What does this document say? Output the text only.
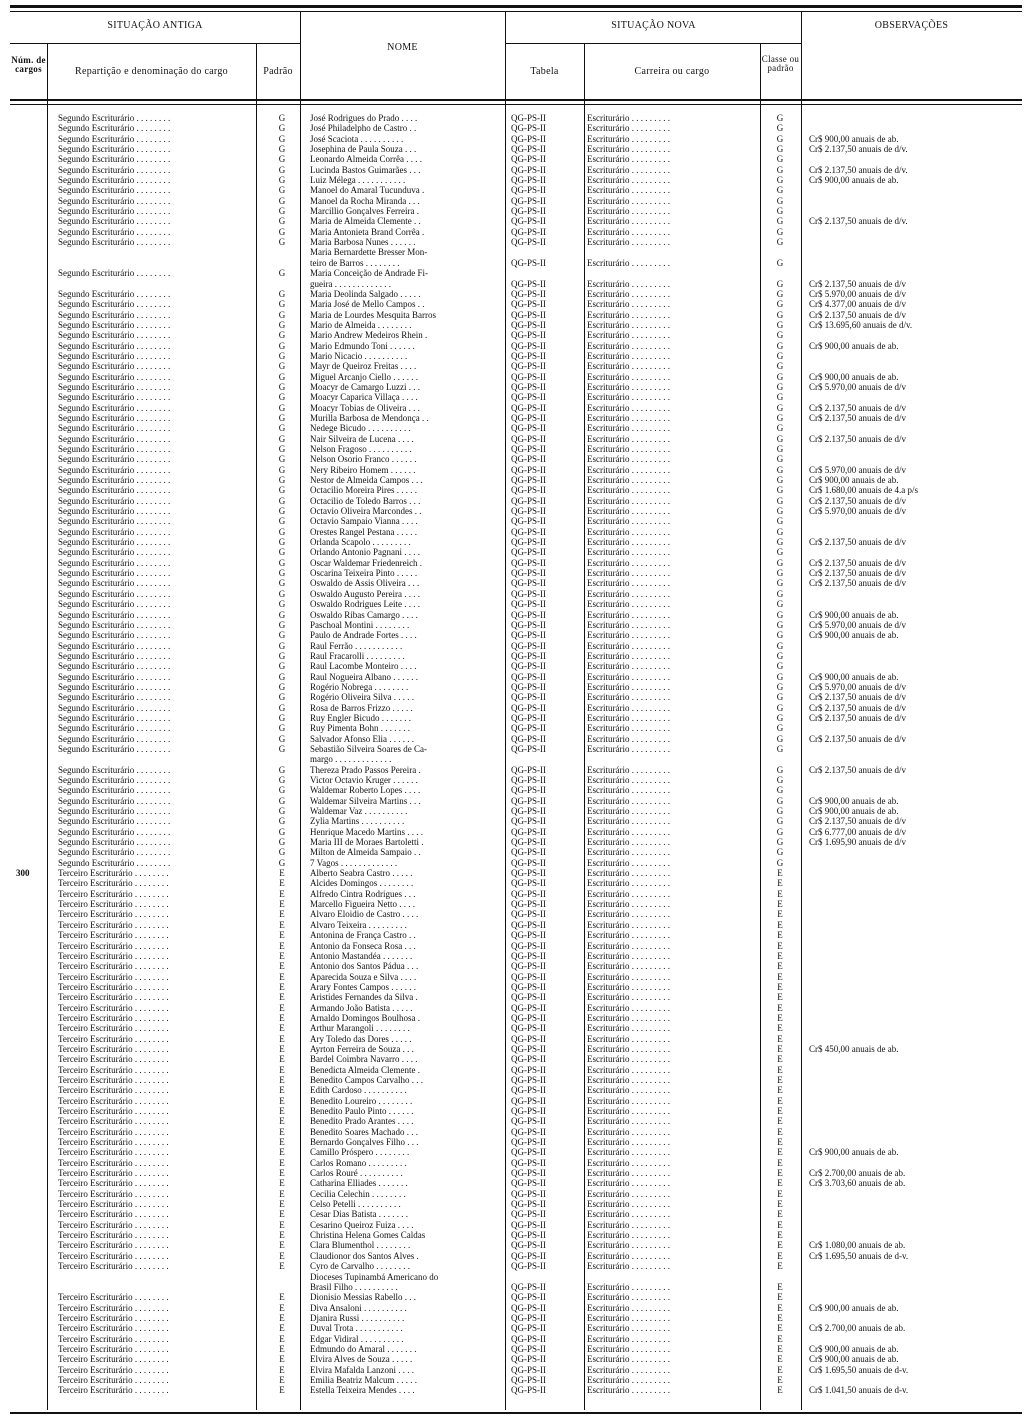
SITUAÇÃO ANTIGA
NOME
SITUAÇÃO NOVA	OBSERVAÇÕES
Núm. de cargos	Repartição e denominação do cargo	Padrão	Tabela	Carreira ou cargo
Classe ou padrão
Segundo Escriturário . . . . . . . .	G	José Rodrigues do Prado . . . .	QG-PS-II	Escriturário . . . . . . . . .	G
Segundo Escriturário . . . . . . . .	G	José Philadelpho de Castro . .	QG-PS-II	Escriturário . . . . . . . . .	G
Segundo Escriturário . . . . . . . .	G	José Scaciota . . . . . . . . . .	QG-PS-II	Escriturário . . . . . . . . .	G	Cr$ 900,00 anuais de ab.
Segundo Escriturário . . . . . . . .	G	Josephina de Paula Souza . . .	QG-PS-II	Escriturário . . . . . . . . .	G	Cr$ 2.137,50 anuais de d/v.
Segundo Escriturário . . . . . . . .	G	Leonardo Almeida Corrêa . . . .	QG-PS-II	Escriturário . . . . . . . . .	G
Segundo Escriturário . . . . . . . .	G	Lucinda Bastos Guimarães . . .	QG-PS-II	Escriturário . . . . . . . . .	G	Cr$ 2.137,50 anuais de d/v.
Segundo Escriturário . . . . . . . .	G	Luiz Mélega . . . . . . . . . . .	QG-PS-II	Escriturário . . . . . . . . .	G	Cr$ 900,00 anuais de ab.
Segundo Escriturário . . . . . . . .	G	Manoel do Amaral Tucunduva .	QG-PS-II	Escriturário . . . . . . . . .	G
Segundo Escriturário . . . . . . . .	G	Manoel da Rocha Miranda . . .	QG-PS-II	Escriturário . . . . . . . . .	G
Segundo Escriturário . . . . . . . .	G	Marcillio Gonçalves Ferreira .	QG-PS-II	Escriturário . . . . . . . . .	G
Segundo Escriturário . . . . . . . .	G	Maria de Almeida Clemente . .	QG-PS-II	Escriturário . . . . . . . . .	G	Cr$ 2.137,50 anuais de d/v.
Segundo Escriturário . . . . . . . .	G	Maria Antonieta Brand Corrêa .	QG-PS-II	Escriturário . . . . . . . . .	G
Segundo Escriturário . . . . . . . .	G	Maria Barbosa Nunes . . . . . .	QG-PS-II	Escriturário . . . . . . . . .	G
Maria Bernardette Bresser Mon-
teiro de Barros . . . . . . . .	QG-PS-II	Escriturário . . . . . . . . .	G
Segundo Escriturário . . . . . . . .	G	Maria Conceição de Andrade Fi-
gueira . . . . . . . . . . . . .	QG-PS-II	Escriturário . . . . . . . . .	G	Cr$ 2.137,50 anuais de d/v
Segundo Escriturário . . . . . . . .	G	Maria Deolinda Salgado . . . . .	QG-PS-II	Escriturário . . . . . . . . .	G	Cr$ 5.970,00 anuais de d/v
Segundo Escriturário . . . . . . . .	G	Maria José de Mello Campos . .	QG-PS-II	Escriturário . . . . . . . . .	G	Cr$ 4.377,00 anuais de d/v
Segundo Escriturário . . . . . . . .	G	Maria de Lourdes Mesquita Barros	QG-PS-II	Escriturário . . . . . . . . .	G	Cr$ 2.137,50 anuais de d/v
Segundo Escriturário . . . . . . . .	G	Mario de Almeida . . . . . . . .	QG-PS-II	Escriturário . . . . . . . . .	G	Cr$ 13.695,60 anuais de d/v.
Segundo Escriturário . . . . . . . .	G	Mario Andrew Medeiros Rhein .	QG-PS-II	Escriturário . . . . . . . . .	G
Segundo Escriturário . . . . . . . .	G	Mario Edmundo Toni . . . . . .	QG-PS-II	Escriturário . . . . . . . . .	G	Cr$ 900,00 anuais de ab.
Segundo Escriturário . . . . . . . .	G	Mario Nicacio . . . . . . . . . .	QG-PS-II	Escriturário . . . . . . . . .	G
Segundo Escriturário . . . . . . . .	G	Mayr de Queiroz Freitas . . . .	QG-PS-II	Escriturário . . . . . . . . .	G
Segundo Escriturário . . . . . . . .	G	Miguel Arcanjo Ciello . . . . . .	QG-PS-II	Escriturário . . . . . . . . .	G	Cr$ 900,00 anuais de ab.
Segundo Escriturário . . . . . . . .	G	Moacyr de Camargo Luzzi . . .	QG-PS-II	Escriturário . . . . . . . . .	G	Cr$ 5.970,00 anuais de d/v
Segundo Escriturário . . . . . . . .	G	Moacyr Caparica Villaça . . . .	QG-PS-II	Escriturário . . . . . . . . .	G
Segundo Escriturário . . . . . . . .	G	Moacyr Tobias de Oliveira . . .	QG-PS-II	Escriturário . . . . . . . . .	G	Cr$ 2.137,50 anuais de d/v
Segundo Escriturário . . . . . . . .	G	Murilla Barbosa de Mendonça . .	QG-PS-II	Escriturário . . . . . . . . .	G	Cr$ 2.137,50 anuais de d/v
Segundo Escriturário . . . . . . . .	G	Nedege Bicudo . . . . . . . . . .	QG-PS-II	Escriturário . . . . . . . . .	G
Segundo Escriturário . . . . . . . .	G	Nair Silveira de Lucena . . . .	QG-PS-II	Escriturário . . . . . . . . .	G	Cr$ 2.137,50 anuais de d/v
Segundo Escriturário . . . . . . . .	G	Nelson Fragoso . . . . . . . . . .	QG-PS-II	Escriturário . . . . . . . . .	G
Segundo Escriturário . . . . . . . .	G	Nelson Osorio Franco . . . . . .	QG-PS-II	Escriturário . . . . . . . . .	G
Segundo Escriturário . . . . . . . .	G	Nery Ribeiro Homem . . . . . .	QG-PS-II	Escriturário . . . . . . . . .	G	Cr$ 5.970,00 anuais de d/v
Segundo Escriturário . . . . . . . .	G	Nestor de Almeida Campos . . .	QG-PS-II	Escriturário . . . . . . . . .	G	Cr$ 900,00 anuais de ab.
Segundo Escriturário . . . . . . . .	G	Octacilio Moreira Pires . . . . .	QG-PS-II	Escriturário . . . . . . . . .	G	Cr$ 1.680,00 anuais de 4.a p/s
Segundo Escriturário . . . . . . . .	G	Octacilio de Toledo Barros . . .	QG-PS-II	Escriturário . . . . . . . . .	G	Cr$ 2.137,50 anuais de d/v
Segundo Escriturário . . . . . . . .	G	Octavio Oliveira Marcondes . .	QG-PS-II	Escriturário . . . . . . . . .	G	Cr$ 5.970,00 anuais de d/v
Segundo Escriturário . . . . . . . .	G	Octavio Sampaio Vianna . . . .	QG-PS-II	Escriturário . . . . . . . . .	G
Segundo Escriturário . . . . . . . .	G	Orestes Rangel Pestana . . . . .	QG-PS-II	Escriturário . . . . . . . . .	G
Segundo Escriturário . . . . . . . .	G	Orlanda Scapolo . . . . . . . . .	QG-PS-II	Escriturário . . . . . . . . .	G	Cr$ 2.137,50 anuais de d/v
Segundo Escriturário . . . . . . . .	G	Orlando Antonio Pagnani . . . .	QG-PS-II	Escriturário . . . . . . . . .	G
Segundo Escriturário . . . . . . . .	G	Oscar Waldemar Friedenreich .	QG-PS-II	Escriturário . . . . . . . . .	G	Cr$ 2.137,50 anuais de d/v
Segundo Escriturário . . . . . . . .	G	Oscarina Teixeira Pinto . . . . .	QG-PS-II	Escriturário . . . . . . . . .	G	Cr$ 2.137,50 anuais de d/v
Segundo Escriturário . . . . . . . .	G	Oswaldo de Assis Oliveira . . .	QG-PS-II	Escriturário . . . . . . . . .	G	Cr$ 2.137,50 anuais de d/v
Segundo Escriturário . . . . . . . .	G	Oswaldo Augusto Pereira . . . .	QG-PS-II	Escriturário . . . . . . . . .	G
Segundo Escriturário . . . . . . . .	G	Oswaldo Rodrigues Leite . . . .	QG-PS-II	Escriturário . . . . . . . . .	G
Segundo Escriturário . . . . . . . .	G	Oswaldo Ribas Camargo . . . .	QG-PS-II	Escriturário . . . . . . . . .	G	Cr$ 900,00 anuais de ab.
Segundo Escriturário . . . . . . . .	G	Paschoal Montini . . . . . . . .	QG-PS-II	Escriturário . . . . . . . . .	G	Cr$ 5.970,00 anuais de d/v
Segundo Escriturário . . . . . . . .	G	Paulo de Andrade Fortes . . . .	QG-PS-II	Escriturário . . . . . . . . .	G	Cr$ 900,00 anuais de ab.
Segundo Escriturário . . . . . . . .	G	Raul Ferrão . . . . . . . . . . .	QG-PS-II	Escriturário . . . . . . . . .	G
Segundo Escriturário . . . . . . . .	G	Raul Fracarolli . . . . . . . . .	QG-PS-II	Escriturário . . . . . . . . .	G
Segundo Escriturário . . . . . . . .	G	Raul Lacombe Monteiro . . . .	QG-PS-II	Escriturário . . . . . . . . .	G
Segundo Escriturário . . . . . . . .	G	Raul Nogueira Albano . . . . . .	QG-PS-II	Escriturário . . . . . . . . .	G	Cr$ 900,00 anuais de ab.
Segundo Escriturário . . . . . . . .	G	Rogério Nobrega . . . . . . . .	QG-PS-II	Escriturário . . . . . . . . .	G	Cr$ 5.970,00 anuais de d/v
Segundo Escriturário . . . . . . . .	G	Rogério Oliveira Silva . . . . .	QG-PS-II	Escriturário . . . . . . . . .	G	Cr$ 2.137,50 anuais de d/v
Segundo Escriturário . . . . . . . .	G	Rosa de Barros Frizzo . . . . .	QG-PS-II	Escriturário . . . . . . . . .	G	Cr$ 2.137,50 anuais de d/v
Segundo Escriturário . . . . . . . .	G	Ruy Engler Bicudo . . . . . . .	QG-PS-II	Escriturário . . . . . . . . .	G	Cr$ 2.137,50 anuais de d/v
Segundo Escriturário . . . . . . . .	G	Ruy Pimenta Bohn . . . . . . .	QG-PS-II	Escriturário . . . . . . . . .	G
Segundo Escriturário . . . . . . . .	G	Salvador Afonso Elia . . . . . .	QG-PS-II	Escriturário . . . . . . . . .	G	Cr$ 2.137,50 anuais de d/v
Segundo Escriturário . . . . . . . .	G	Sebastião Silveira Soares de Ca-	QG-PS-II	Escriturário . . . . . . . . .	G
margo . . . . . . . . . . . . .
Segundo Escriturário . . . . . . . .	G	Thereza Prado Passos Pereira .	QG-PS-II	Escriturário . . . . . . . . .	G	Cr$ 2.137,50 anuais de d/v
Segundo Escriturário . . . . . . . .	G	Victor Octavio Kruger . . . . . .	QG-PS-II	Escriturário . . . . . . . . .	G
Segundo Escriturário . . . . . . . .	G	Waldemar Roberto Lopes . . . .	QG-PS-II	Escriturário . . . . . . . . .	G
Segundo Escriturário . . . . . . . .	G	Waldemar Silveira Martins . . .	QG-PS-II	Escriturário . . . . . . . . .	G	Cr$ 900,00 anuais de ab.
Segundo Escriturário . . . . . . . .	G	Waldemar Vaz . . . . . . . . . .	QG-PS-II	Escriturário . . . . . . . . .	G	Cr$ 900,00 anuais de ab.
Segundo Escriturário . . . . . . . .	G	Zylia Martins . . . . . . . . . .	QG-PS-II	Escriturário . . . . . . . . .	G	Cr$ 2.137,50 anuais de d/v
Segundo Escriturário . . . . . . . .	G	Henrique Macedo Martins . . . .	QG-PS-II	Escriturário . . . . . . . . .	G	Cr$ 6.777,00 anuais de d/v
Segundo Escriturário . . . . . . . .	G	Maria III de Moraes Bartoletti .	QG-PS-II	Escriturário . . . . . . . . .	G	Cr$ 1.695,90 anuais de d/v
Segundo Escriturário . . . . . . . .	G	Milton de Almeida Sampaio . .	QG-PS-II	Escriturário . . . . . . . . .	G
Segundo Escriturário . . . . . . . .	G	7 Vagos . . . . . . . . . . . . .	QG-PS-II	Escriturário . . . . . . . . .	G
300	Terceiro Escriturário . . . . . . . .	E	Alberto Seabra Castro . . . . .	QG-PS-II	Escriturário . . . . . . . . .	E
Terceiro Escriturário . . . . . . . .	E	Alcides Domingos . . . . . . . .	QG-PS-II	Escriturário . . . . . . . . .	E
Terceiro Escriturário . . . . . . . .	E	Alfredo Cintra Rodrigues . . .	QG-PS-II	Escriturário . . . . . . . . .	E
Terceiro Escriturário . . . . . . . .	E	Marcello Figueira Netto . . . .	QG-PS-II	Escriturário . . . . . . . . .	E
Terceiro Escriturário . . . . . . . .	E	Alvaro Eloidio de Castro . . . .	QG-PS-II	Escriturário . . . . . . . . .	E
Terceiro Escriturário . . . . . . . .	E	Alvaro Teixeira . . . . . . . . .	QG-PS-II	Escriturário . . . . . . . . .	E
Terceiro Escriturário . . . . . . . .	E	Antonina de França Castro . .	QG-PS-II	Escriturário . . . . . . . . .	E
Terceiro Escriturário . . . . . . . .	E	Antonio da Fonseca Rosa . . .	QG-PS-II	Escriturário . . . . . . . . .	E
Terceiro Escriturário . . . . . . . .	E	Antonio Mastandéa . . . . . . .	QG-PS-II	Escriturário . . . . . . . . .	E
Terceiro Escriturário . . . . . . . .	E	Antonio dos Santos Pádua . . .	QG-PS-II	Escriturário . . . . . . . . .	E
Terceiro Escriturário . . . . . . . .	E	Aparecida Souza e Silva . . . .	QG-PS-II	Escriturário . . . . . . . . .	E
Terceiro Escriturário . . . . . . . .	E	Arary Fontes Campos . . . . . .	QG-PS-II	Escriturário . . . . . . . . .	E
Terceiro Escriturário . . . . . . . .	E	Aristides Fernandes da Silva .	QG-PS-II	Escriturário . . . . . . . . .	E
Terceiro Escriturário . . . . . . . .	E	Armando João Batista . . . . .	QG-PS-II	Escriturário . . . . . . . . .	E
Terceiro Escriturário . . . . . . . .	E	Arnaldo Domingos Boulhosa .	QG-PS-II	Escriturário . . . . . . . . .	E
Terceiro Escriturário . . . . . . . .	E	Arthur Marangoli . . . . . . . .	QG-PS-II	Escriturário . . . . . . . . .	E
Terceiro Escriturário . . . . . . . .	E	Ary Toledo das Dores . . . . .	QG-PS-II	Escriturário . . . . . . . . .	E
Terceiro Escriturário . . . . . . . .	E	Ayrton Ferreira de Souza . . .	QG-PS-II	Escriturário . . . . . . . . .	E	Cr$ 450,00 anuais de ab.
Terceiro Escriturário . . . . . . . .	E	Bardel Coimbra Navarro . . . .	QG-PS-II	Escriturário . . . . . . . . .	E
Terceiro Escriturário . . . . . . . .	E	Benedicta Almeida Clemente .	QG-PS-II	Escriturário . . . . . . . . .	E
Terceiro Escriturário . . . . . . . .	E	Benedito Campos Carvalho . . .	QG-PS-II	Escriturário . . . . . . . . .	E
Terceiro Escriturário . . . . . . . .	E	Edith Cardoso . . . . . . . . . .	QG-PS-II	Escriturário . . . . . . . . .	E
Terceiro Escriturário . . . . . . . .	E	Benedito Loureiro . . . . . . . .	QG-PS-II	Escriturário . . . . . . . . .	E
Terceiro Escriturário . . . . . . . .	E	Benedito Paulo Pinto . . . . . .	QG-PS-II	Escriturário . . . . . . . . .	E
Terceiro Escriturário . . . . . . . .	E	Benedito Prado Arantes . . . .	QG-PS-II	Escriturário . . . . . . . . .	E
Terceiro Escriturário . . . . . . . .	E	Benedito Soares Machado . . .	QG-PS-II	Escriturário . . . . . . . . .	E
Terceiro Escriturário . . . . . . . .	E	Bernardo Gonçalves Filho . . .	QG-PS-II	Escriturário . . . . . . . . .	E
Terceiro Escriturário . . . . . . . .	E	Camillo Próspero . . . . . . . .	QG-PS-II	Escriturário . . . . . . . . .	E	Cr$ 900,00 anuais de ab.
Terceiro Escriturário . . . . . . . .	E	Carlos Romano . . . . . . . . .	QG-PS-II	Escriturário . . . . . . . . .	E
Terceiro Escriturário . . . . . . . .	E	Carlos Rouré . . . . . . . . . .	QG-PS-II	Escriturário . . . . . . . . .	E	Cr$ 2.700,00 anuais de ab.
Terceiro Escriturário . . . . . . . .	E	Catharina Elliades . . . . . . .	QG-PS-II	Escriturário . . . . . . . . .	E	Cr$ 3.703,60 anuais de ab.
Terceiro Escriturário . . . . . . . .	E	Cecilia Celechin . . . . . . . .	QG-PS-II	Escriturário . . . . . . . . .	E
Terceiro Escriturário . . . . . . . .	E	Celso Petelli . . . . . . . . . .	QG-PS-II	Escriturário . . . . . . . . .	E
Terceiro Escriturário . . . . . . . .	E	Cesar Dias Batista . . . . . . .	QG-PS-II	Escriturário . . . . . . . . .	E
Terceiro Escriturário . . . . . . . .	E	Cesarino Queiroz Fuiza . . . .	QG-PS-II	Escriturário . . . . . . . . .	E
Terceiro Escriturário . . . . . . . .	E	Christina Helena Gomes Caldas	QG-PS-II	Escriturário . . . . . . . . .	E
Terceiro Escriturário . . . . . . . .	E	Clara Blumenthol . . . . . . . .	QG-PS-II	Escriturário . . . . . . . . .	E	Cr$ 1.080,00 anuais de ab.
Terceiro Escriturário . . . . . . . .	E	Claudionor dos Santos Alves .	QG-PS-II	Escriturário . . . . . . . . .	E	Cr$ 1.695,50 anuais de d-v.
Terceiro Escriturário . . . . . . . .	E	Cyro de Carvalho . . . . . . . .	QG-PS-II	Escriturário . . . . . . . . .	E
Dioceses Tupinambá Americano do
Brasil Filho . . . . . . . . . .	QG-PS-II	Escriturário . . . . . . . . .	E
Terceiro Escriturário . . . . . . . .	E	Dionisio Messias Rabello . . .	QG-PS-II	Escriturário . . . . . . . . .	E
Terceiro Escriturário . . . . . . . .	E	Diva Ansaloni . . . . . . . . . .	QG-PS-II	Escriturário . . . . . . . . .	E	Cr$ 900,00 anuais de ab.
Terceiro Escriturário . . . . . . . .	E	Djanira Russi . . . . . . . . . .	QG-PS-II	Escriturário . . . . . . . . .	E
Terceiro Escriturário . . . . . . . .	E	Duval Trota . . . . . . . . . . .	QG-PS-II	Escriturário . . . . . . . . .	E	Cr$ 2.700,00 anuais de ab.
Terceiro Escriturário . . . . . . . .	E	Edgar Vidiral . . . . . . . . . .	QG-PS-II	Escriturário . . . . . . . . .	E
Terceiro Escriturário . . . . . . . .	E	Edmundo do Amaral . . . . . . .	QG-PS-II	Escriturário . . . . . . . . .	E	Cr$ 900,00 anuais de ab.
Terceiro Escriturário . . . . . . . .	E	Elvira Alves de Souza . . . . .	QG-PS-II	Escriturário . . . . . . . . .	E	Cr$ 900,00 anuais de ab.
Terceiro Escriturário . . . . . . . .	E	Elvira Mafalda Lanzoni . . . .	QG-PS-II	Escriturário . . . . . . . . .	E	Cr$ 1.695,50 anuais de d-v.
Terceiro Escriturário . . . . . . . .	E	Emilia Beatriz Malcum . . . . .	QG-PS-II	Escriturário . . . . . . . . .	E
Terceiro Escriturário . . . . . . . .	E	Estella Teixeira Mendes . . . .	QG-PS-II	Escriturário . . . . . . . . .	E	Cr$ 1.041,50 anuais de d-v.
